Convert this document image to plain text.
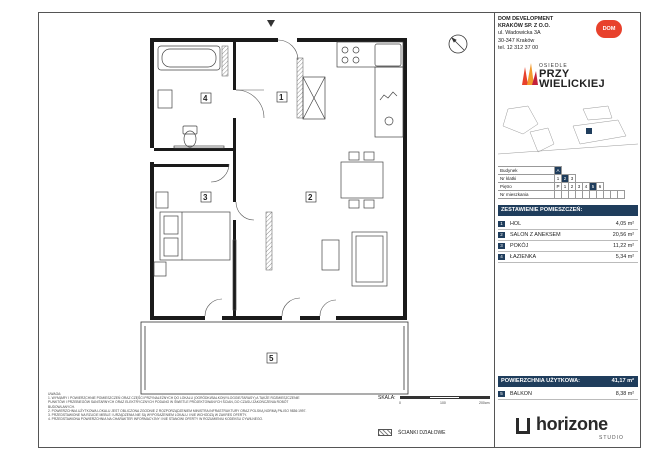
1
2
3
4
5
DOM DEVELOPMENT
KRAKÓW SP. Z O.O.
ul. Wadowicka 3A
30-347 Kraków
tel. 12 312 37 00
DOM
OSIEDLE
PRZY
WIELICKIEJ
Budynek	A									
Nr klatki	1	2	3							
Piętro	P	1	2	3	4	5	6			
Nr mieszkania										
ZESTAWIENIE POMIESZCZEŃ:
1	HOL	4,05 m²
2	SALON Z ANEKSEM	20,56 m²
3	POKÓJ	11,22 m²
4	ŁAZIENKA	5,34 m²
POWIERZCHNIA UŻYTKOWA:	41,17 m²
5	BALKON	8,38 m²
UWAGA:
1. WYMIARY I POWIERZCHNIE POMIESZCZEŃ ORAZ CZĘŚCI PRZYNALEŻNYCH DO LOKALU (OGRÓDKI/BALKONY/LOGGIE/TARASY) A TAKŻE ROZMIESZCZENIE PUNKTÓW I PRZEBIEGÓW SANITARNYCH ORAZ ELEKTRYCZNYCH PODANO W ŚWIETLE PROJEKTOWANYCH ŚCIAN, DO CZASU ZAKOŃCZENIA ROBÓT BUDOWLANYCH.
2. POWIERZCHNIA UŻYTKOWA LOKALU JEST OBLICZONA ZGODNIE Z ROZPORZĄDZENIEM MINISTRA INFRASTRUKTURY ORAZ POLSKĄ NORMĄ PN-ISO 9836:1997.
3. PRZEDSTAWIONE NA RZUCIE MEBLE I URZĄDZENIA NIE SĄ WYPOSAŻENIEM LOKALU I NIE WCHODZĄ W ZAKRES OFERTY.
4. PRZEDSTAWIONA POWIERZCHNIA NA CHARAKTER INFORMACYJNY I NIE STANOWI OFERTY W ROZUMIENIU KODEKSU CYWILNEGO.
SKALA:
0	100	200cm
ŚCIANKI DZIAŁOWE	horizone
STUDIO
